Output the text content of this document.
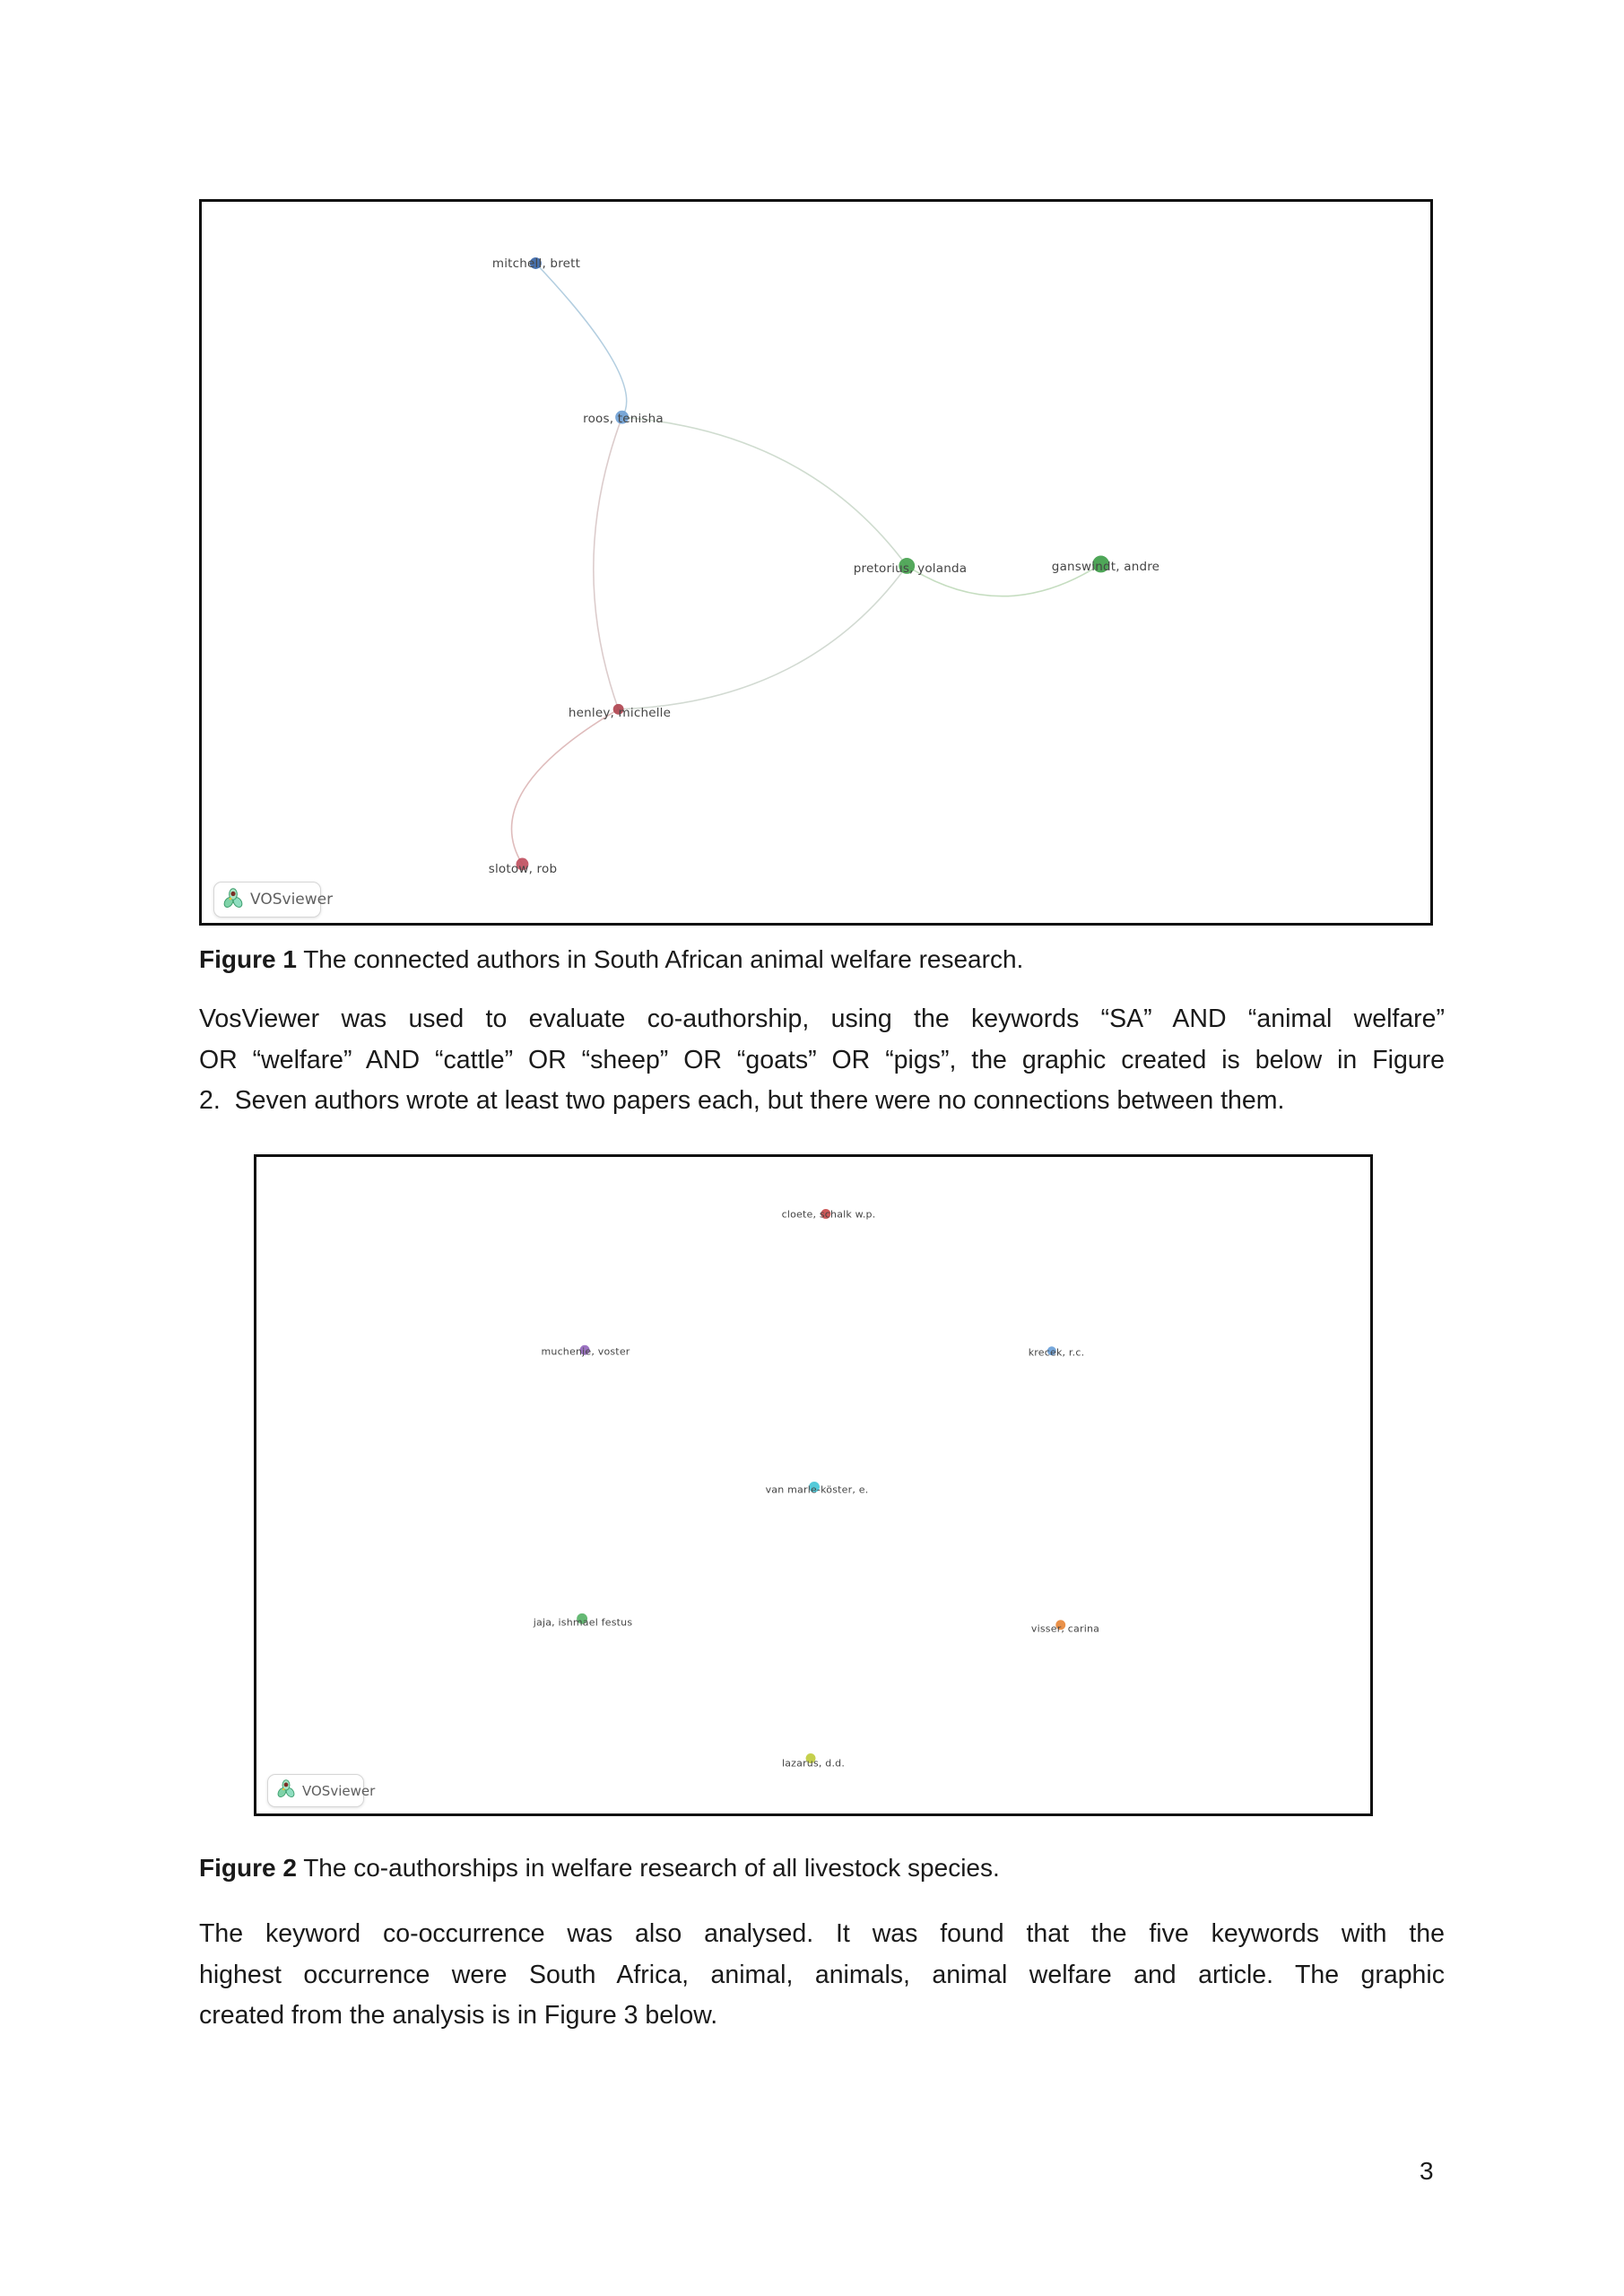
mitchell, brett
roos, tenisha
pretorius, yolanda	ganswindt, andre
henley, michelle
slotow, rob
VOSviewer

Figure 1 The connected authors in South African animal welfare research.

VosViewer was used to evaluate co-authorship, using the keywords “SA” AND “animal welfare”
OR “welfare” AND “cattle” OR “sheep” OR “goats” OR “pigs”, the graphic created is below in Figure
2.  Seven authors wrote at least two papers each, but there were no connections between them.
cloete, schalk w.p.
muchenje, voster	krecek, r.c.
van marle-köster, e.
jaja, ishmael festus
visser, carina
lazarus, d.d.
VOSviewer

Figure 2 The co-authorships in welfare research of all livestock species.

The keyword co-occurrence was also analysed. It was found that the five keywords with the
highest occurrence were South Africa, animal, animals, animal welfare and article. The graphic
created from the analysis is in Figure 3 below.
3
